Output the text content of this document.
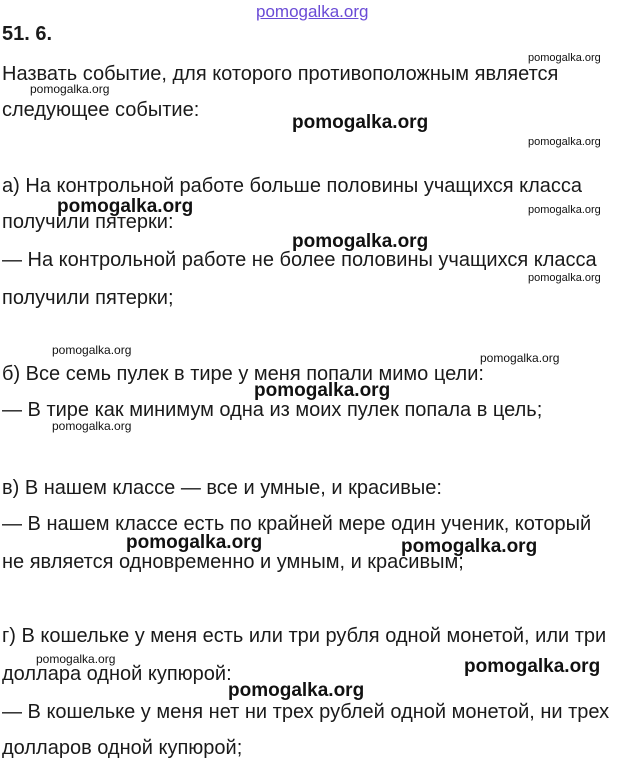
pomogalka.org
51. 6.
Назвать событие, для которого противоположным является
следующее событие:
а) На контрольной работе больше половины учащихся класса
получили пятерки:
— На контрольной работе не более половины учащихся класса
получили пятерки;
б) Все семь пулек в тире у меня попали мимо цели:
— В тире как минимум одна из моих пулек попала в цель;
в) В нашем классе — все и умные, и красивые:
— В нашем классе есть по крайней мере один ученик, который
не является одновременно и умным, и красивым;
г) В кошельке у меня есть или три рубля одной монетой, или три
доллара одной купюрой:
— В кошельке у меня нет ни трех рублей одной монетой, ни трех
долларов одной купюрой;
pomogalka.org
pomogalka.org
pomogalka.org
pomogalka.org
pomogalka.org	pomogalka.org
pomogalka.org
pomogalka.org
pomogalka.org
pomogalka.org
pomogalka.org
pomogalka.org
pomogalka.org	pomogalka.org
pomogalka.org	pomogalka.org
pomogalka.org
